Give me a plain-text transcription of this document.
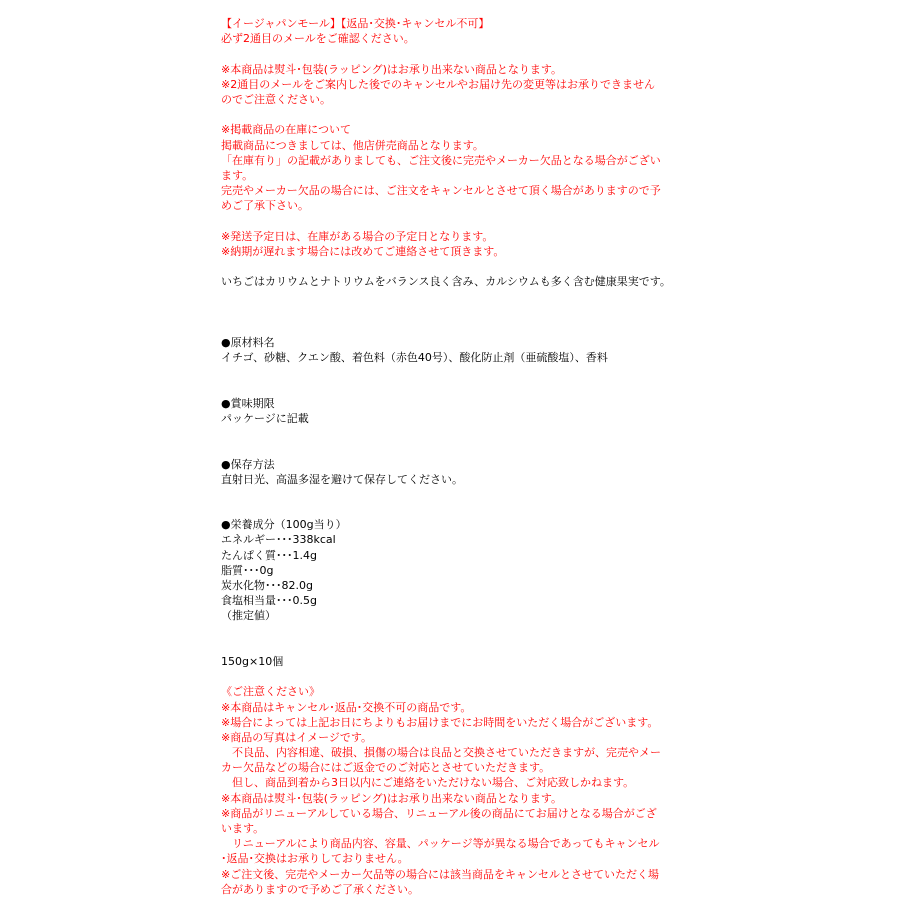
【イージャパンモール】【返品･交換･キャンセル不可】
必ず2通目のメールをご確認ください。
※本商品は熨斗･包装(ラッピング)はお承り出来ない商品となります。
※2通目のメールをご案内した後でのキャンセルやお届け先の変更等はお承りできません
のでご注意ください。
※掲載商品の在庫について
掲載商品につきましては、他店併売商品となります。
「在庫有り」の記載がありましても、ご注文後に完売やメーカー欠品となる場合がござい
ます。
完売やメーカー欠品の場合には、ご注文をキャンセルとさせて頂く場合がありますので予
めご了承下さい。
※発送予定日は、在庫がある場合の予定日となります。
※納期が遅れます場合には改めてご連絡させて頂きます。
いちごはカリウムとナトリウムをバランス良く含み、カルシウムも多く含む健康果実です。
●原材料名
イチゴ、砂糖、クエン酸、着色料（赤色40号）、酸化防止剤（亜硫酸塩）、香料
●賞味期限
パッケージに記載
●保存方法
直射日光、高温多湿を避けて保存してください。
●栄養成分（100g当り）
エネルギー･･･338kcal
たんぱく質･･･1.4g
脂質･･･0g
炭水化物･･･82.0g
食塩相当量･･･0.5g
（推定値）
150g×10個
《ご注意ください》
※本商品はキャンセル･返品･交換不可の商品です。
※場合によっては上記お日にちよりもお届けまでにお時間をいただく場合がございます。
※商品の写真はイメージです。
　不良品、内容相違、破損、損傷の場合は良品と交換させていただきますが、完売やメー
カー欠品などの場合にはご返金でのご対応とさせていただきます。
　但し、商品到着から3日以内にご連絡をいただけない場合、ご対応致しかねます。
※本商品は熨斗･包装(ラッピング)はお承り出来ない商品となります。
※商品がリニューアルしている場合、リニューアル後の商品にてお届けとなる場合がござ
います。
　リニューアルにより商品内容、容量、パッケージ等が異なる場合であってもキャンセル
･返品･交換はお承りしておりません。
※ご注文後、完売やメーカー欠品等の場合には該当商品をキャンセルとさせていただく場
合がありますので予めご了承ください。
